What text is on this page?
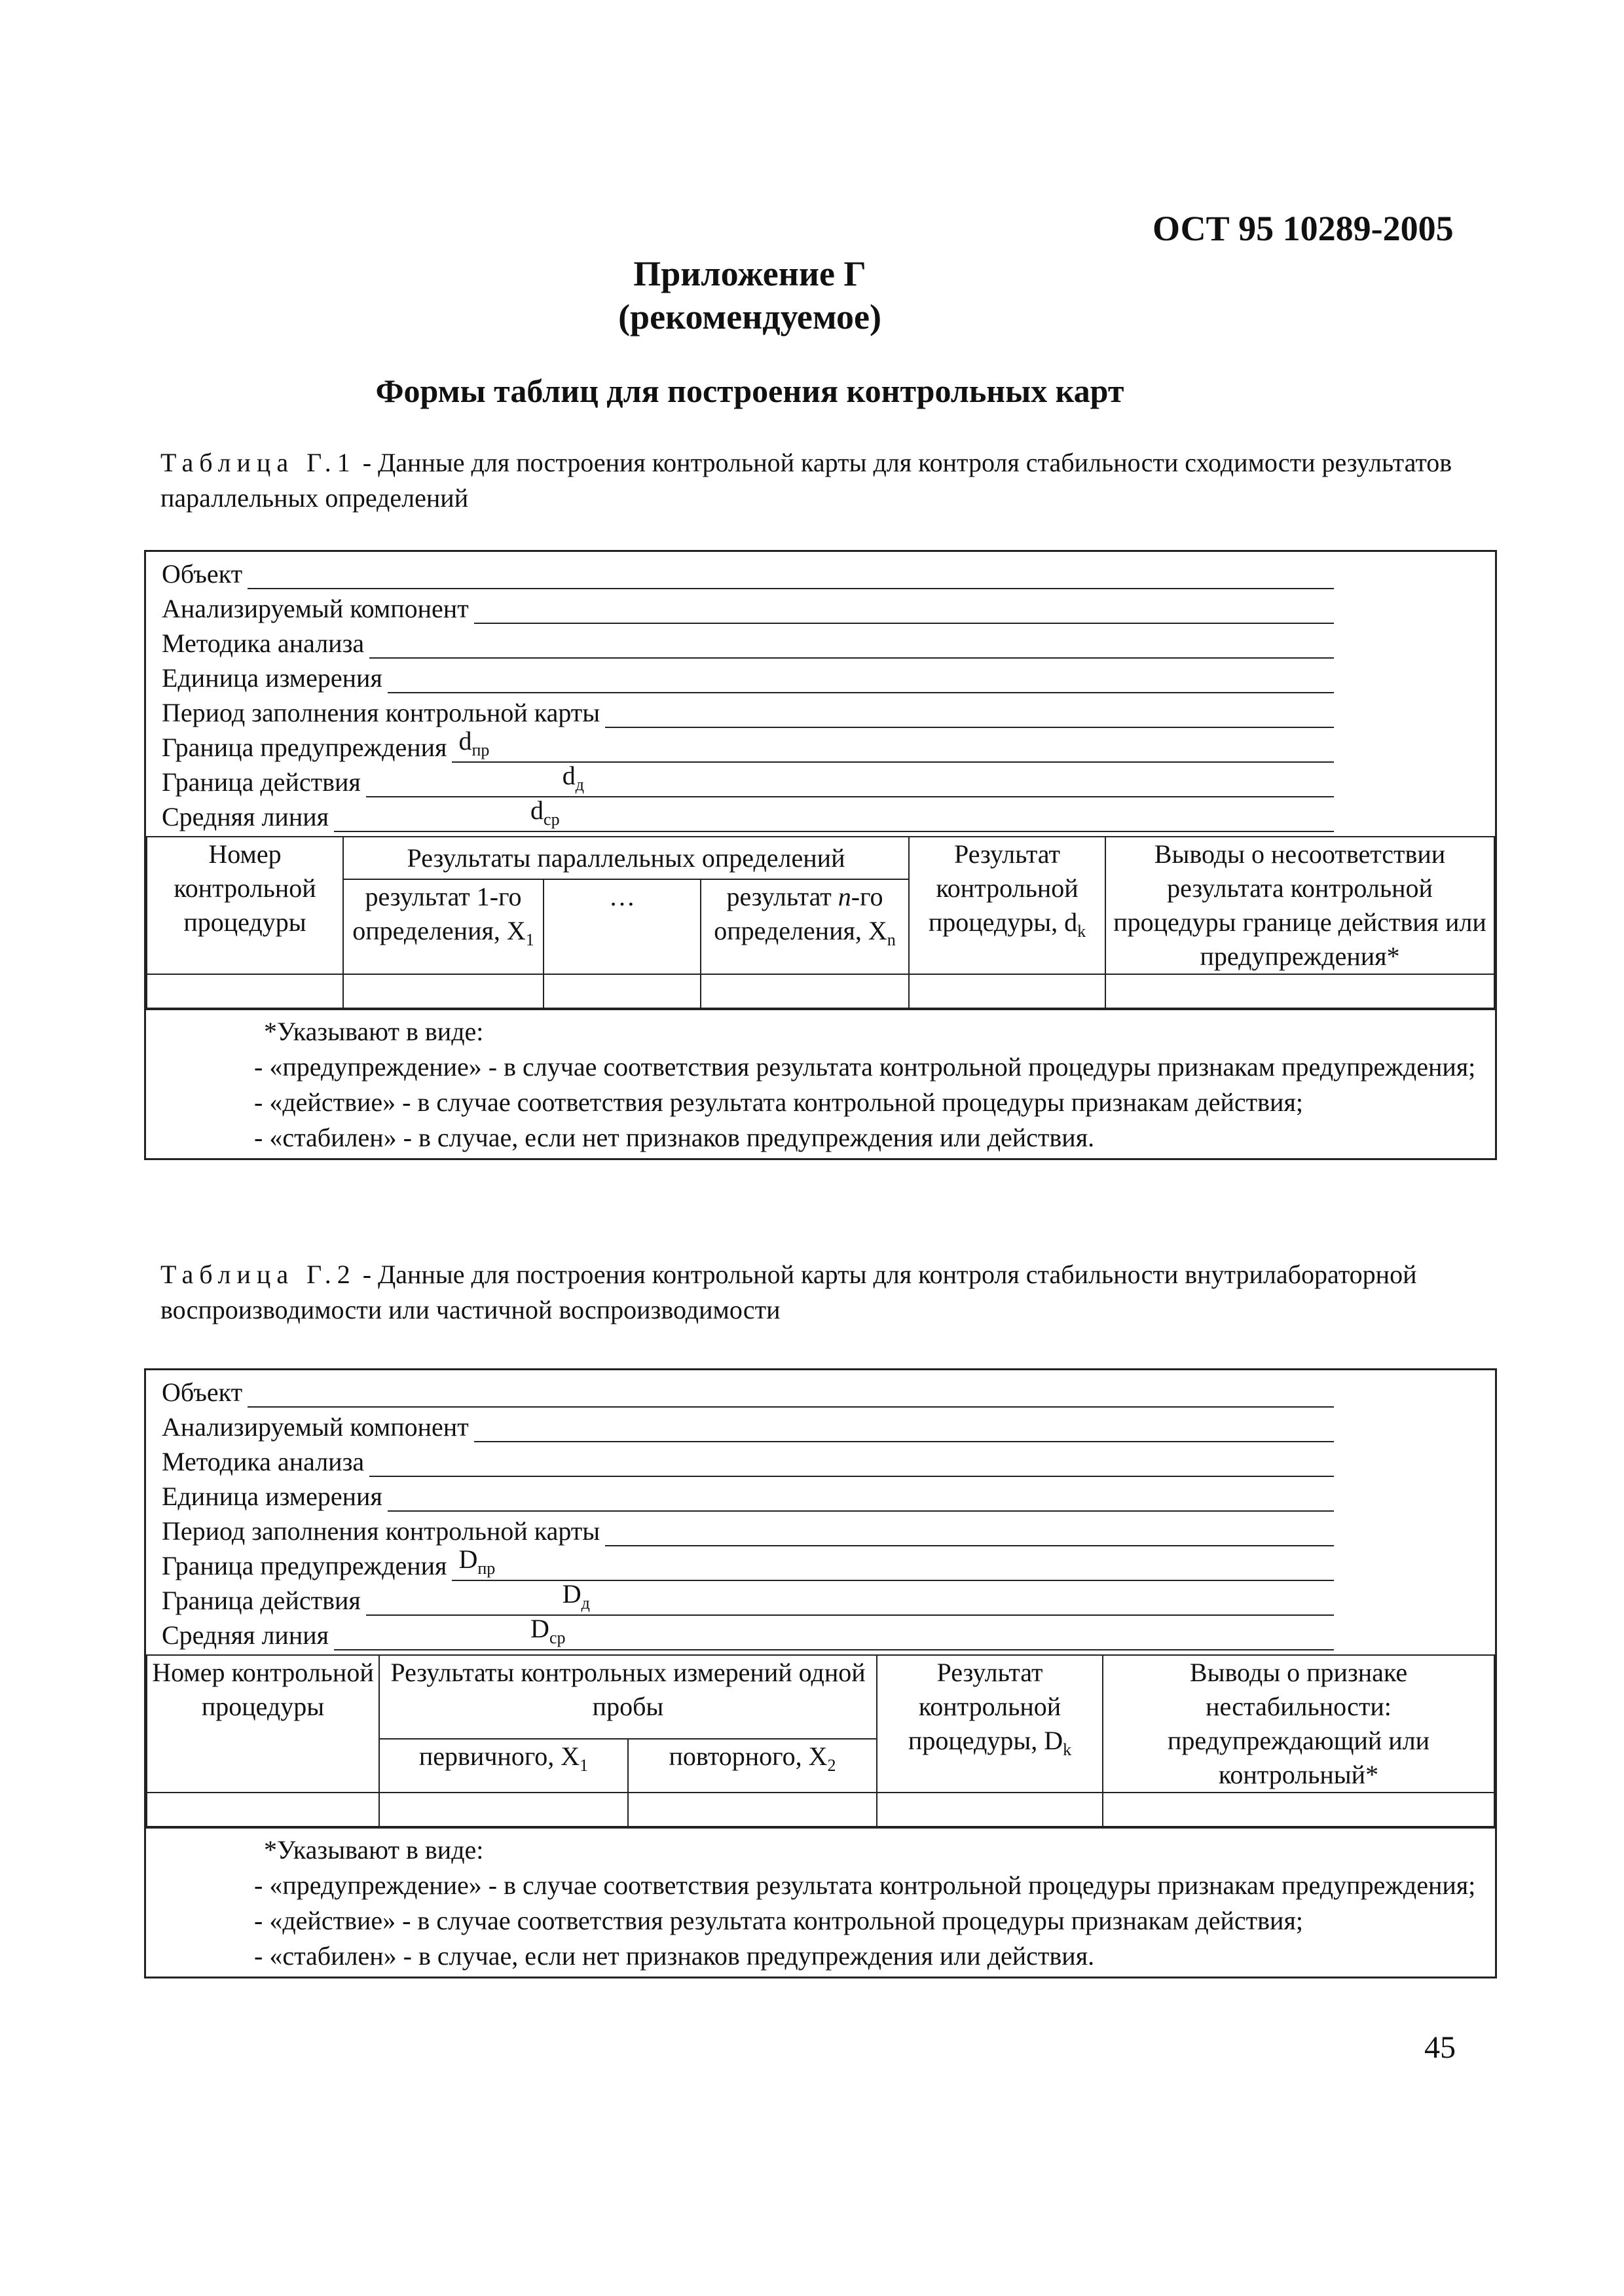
ОСТ 95 10289-2005
Приложение Г
(рекомендуемое)
Формы таблиц для построения контрольных карт
Таблица Г.1 - Данные для построения контрольной карты для контроля стабильности сходимости результатов параллельных определений
Объект
Анализируемый компонент
Методика анализа
Единица измерения
Период заполнения контрольной карты
Граница предупреждения $d_{пр}$
Граница действия	$d_д$
Средняя линия	$d_{ср}$
Номер контрольной процедуры	Результаты параллельных определений			Результат контрольной процедуры, $d_k$	Выводы о несоответствии результата контрольной процедуры границе действия или предупреждения*
	результат 1-го определения, $X_1$	…	результат n-го определения, $X_n$

*Указывают в виде:
- «предупреждение» - в случае соответствия результата контрольной процедуры признакам предупреждения;
- «действие» - в случае соответствия результата контрольной процедуры признакам действия;
- «стабилен» - в случае, если нет признаков предупреждения или действия.
Таблица Г.2 - Данные для построения контрольной карты для контроля стабильности внутрилабораторной воспроизводимости или частичной воспроизводимости
Объект
Анализируемый компонент
Методика анализа
Единица измерения
Период заполнения контрольной карты
Граница предупреждения $D_{пр}$
Граница действия	$D_д$
Средняя линия	$D_{ср}$
Номер контрольной процедуры	Результаты контрольных измерений одной пробы		Результат контрольной процедуры, $D_k$	Выводы о признаке нестабильности: предупреждающий или контрольный*
	первичного, $X_1$	повторного, $X_2$

*Указывают в виде:
- «предупреждение» - в случае соответствия результата контрольной процедуры признакам предупреждения;
- «действие» - в случае соответствия результата контрольной процедуры признакам действия;
- «стабилен» - в случае, если нет признаков предупреждения или действия.
45
